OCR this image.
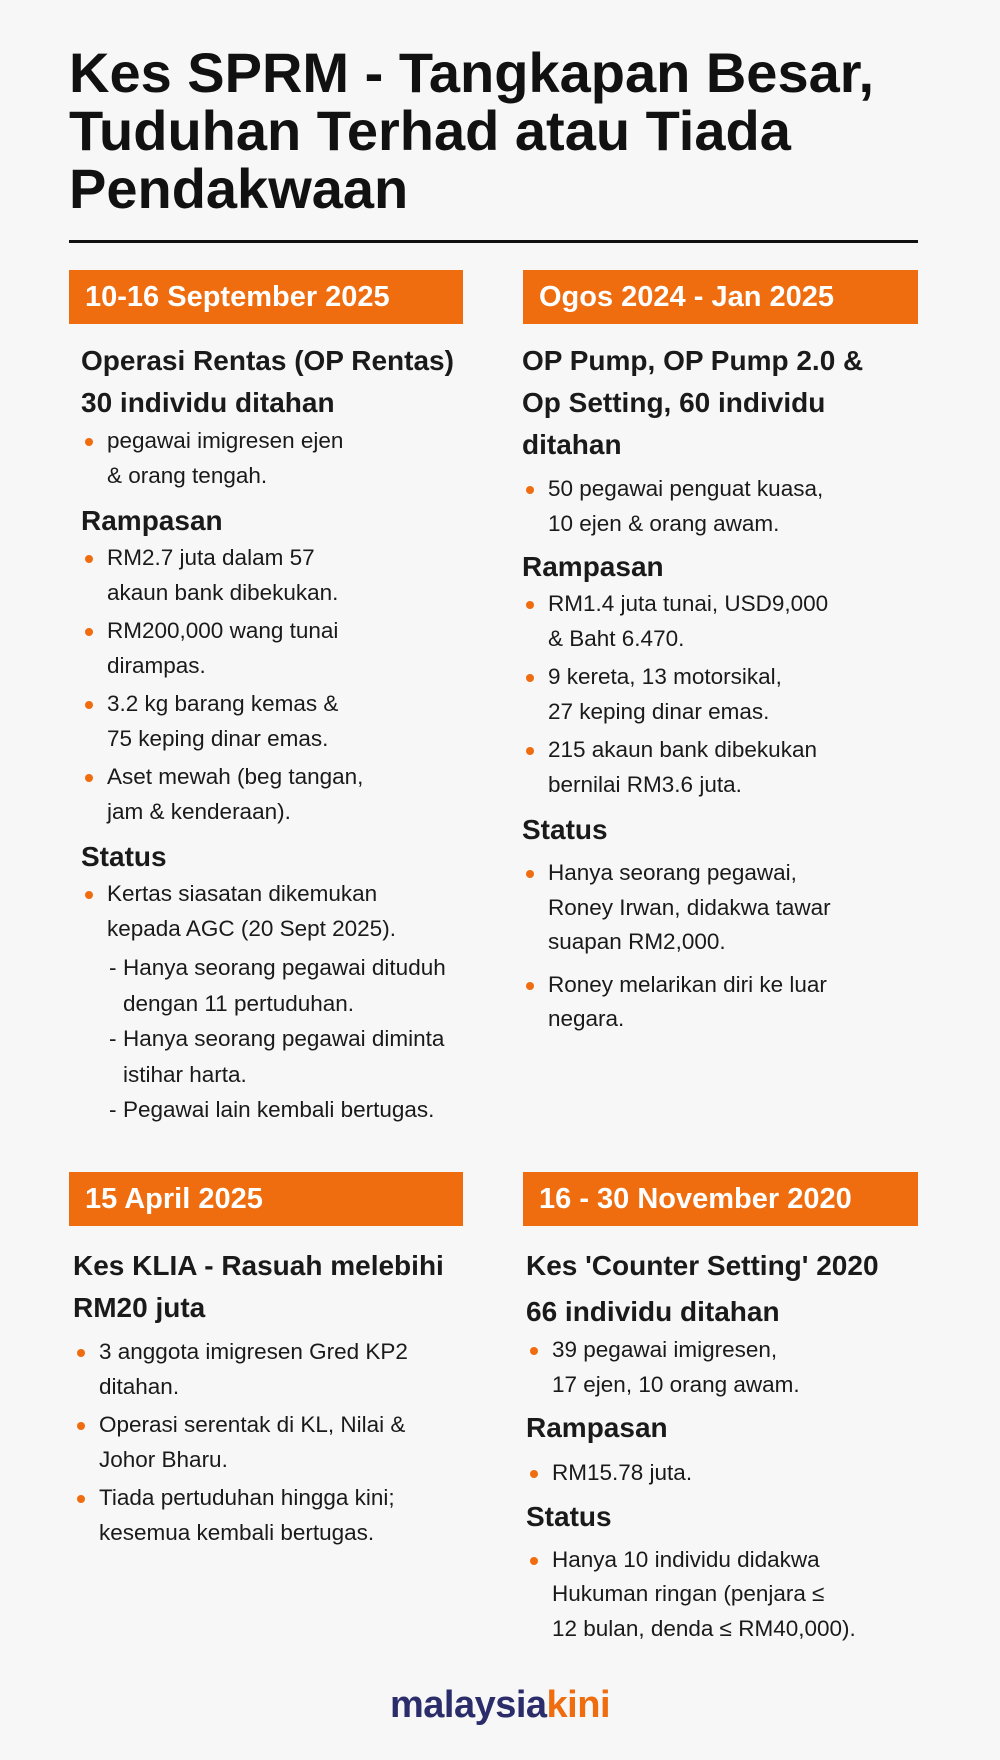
Kes SPRM - Tangkapan Besar, Tuduhan Terhad atau Tiada Pendakwaan
10-16 September 2025

Operasi Rentas (OP Rentas)

30 individu ditahan

pegawai imigresen ejen
& orang tengah.

Rampasan

RM2.7 juta dalam 57
akaun bank dibekukan.
RM200,000 wang tunai
dirampas.
3.2 kg barang kemas &
75 keping dinar emas.
Aset mewah (beg tangan,
jam & kenderaan).

Status

Kertas siasatan dikemukan
kepada AGC (20 Sept 2025).
- Hanya seorang pegawai dituduh
dengan 11 pertuduhan.
- Hanya seorang pegawai diminta
istihar harta.
- Pegawai lain kembali bertugas.
Ogos 2024 - Jan 2025

OP Pump, OP Pump 2.0 &

Op Setting, 60 individu

ditahan

50 pegawai penguat kuasa,
10 ejen & orang awam.

Rampasan

RM1.4 juta tunai, USD9,000
& Baht 6.470.
9 kereta, 13 motorsikal,
27 keping dinar emas.
215 akaun bank dibekukan
bernilai RM3.6 juta.

Status

Hanya seorang pegawai,
Roney Irwan, didakwa tawar
suapan RM2,000.
Roney melarikan diri ke luar
negara.
15 April 2025

Kes KLIA - Rasuah melebihi

RM20 juta

3 anggota imigresen Gred KP2
ditahan.
Operasi serentak di KL, Nilai &
Johor Bharu.
Tiada pertuduhan hingga kini;
kesemua kembali bertugas.
16 - 30 November 2020

Kes 'Counter Setting' 2020

66 individu ditahan

39 pegawai imigresen,
17 ejen, 10 orang awam.

Rampasan

RM15.78 juta.

Status

Hanya 10 individu didakwa
Hukuman ringan (penjara ≤
12 bulan, denda ≤ RM40,000).
malaysiakini
